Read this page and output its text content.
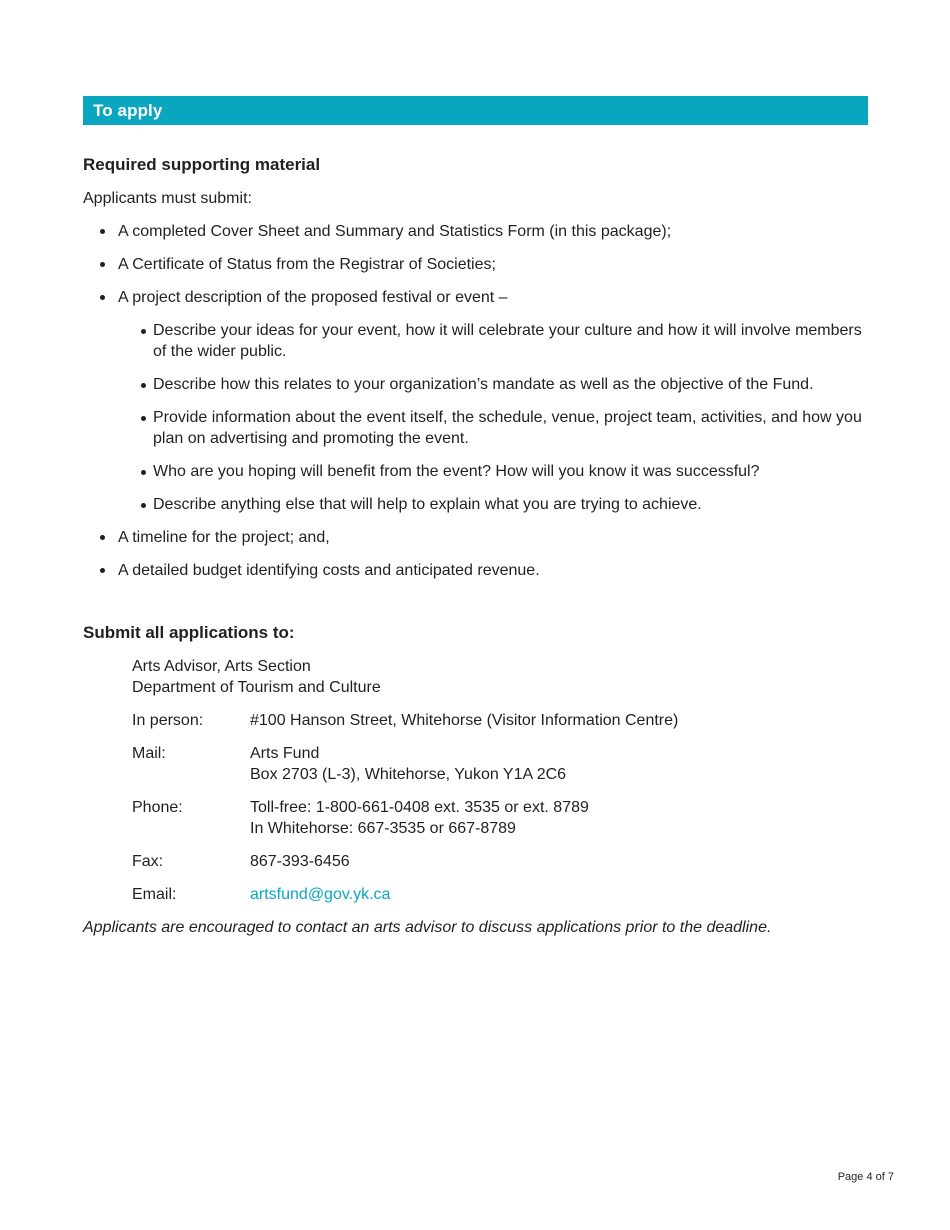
To apply
Required supporting material

Applicants must submit:

A completed Cover Sheet and Summary and Statistics Form (in this package);
A Certificate of Status from the Registrar of Societies;
A project description of the proposed festival or event –
Describe your ideas for your event, how it will celebrate your culture and how it will involve members of the wider public.
Describe how this relates to your organization’s mandate as well as the objective of the Fund.
Provide information about the event itself, the schedule, venue, project team, activities, and how you plan on advertising and promoting the event.
Who are you hoping will benefit from the event? How will you know it was successful?
Describe anything else that will help to explain what you are trying to achieve.
A timeline for the project; and,
A detailed budget identifying costs and anticipated revenue.
Submit all applications to:
Arts Advisor, Arts Section
Department of Tourism and Culture
In person:	#100 Hanson Street, Whitehorse (Visitor Information Centre)
Mail:	Arts Fund
Box 2703 (L-3), Whitehorse, Yukon Y1A 2C6

Phone:	Toll-free: 1-800-661-0408 ext. 3535 or ext. 8789
In Whitehorse: 667-3535 or 667-8789

Fax:	867-393-6456
Email:	artsfund@gov.yk.ca

Applicants are encouraged to contact an arts advisor to discuss applications prior to the deadline.

Page 4 of 7
